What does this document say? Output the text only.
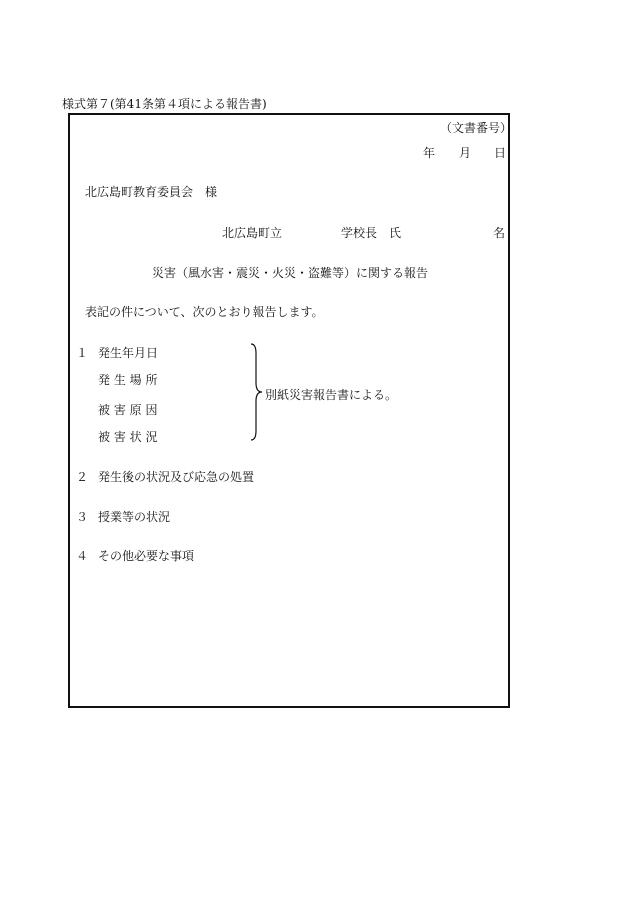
様式第７(第41条第４項による報告書)
（文書番号）
年 月 日
北広島町教育委員会　様
北広島町立	学校長　氏	名
災害（風水害・震災・火災・盗難等）に関する報告
表記の件について、次のとおり報告します。
１ 発生年月日
発 生 場 所
被 害 原 因
被 害 状 況
別紙災害報告書による。
２ 発生後の状況及び応急の処置
３ 授業等の状況
４ その他必要な事項
